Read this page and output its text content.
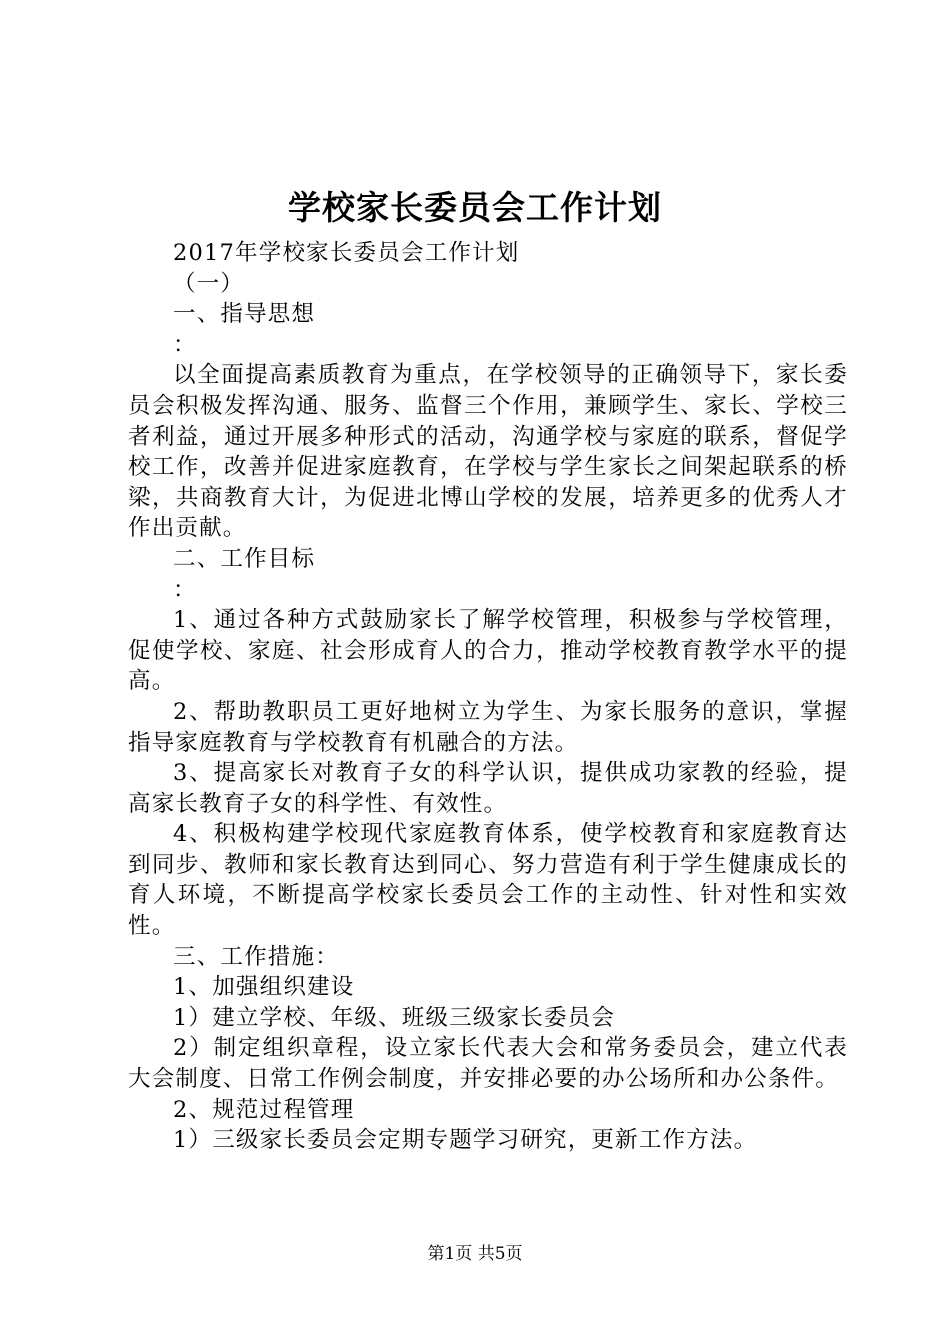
学校家长委员会工作计划

2017年学校家长委员会工作计划

（一）

一、指导思想

：

以全面提高素质教育为重点，在学校领导的正确领导下，家长委员会积极发挥沟通、服务、监督三个作用，兼顾学生、家长、学校三者利益，通过开展多种形式的活动，沟通学校与家庭的联系，督促学校工作，改善并促进家庭教育，在学校与学生家长之间架起联系的桥梁，共商教育大计，为促进北博山学校的发展，培养更多的优秀人才作出贡献。

二、工作目标

：

1、通过各种方式鼓励家长了解学校管理，积极参与学校管理，促使学校、家庭、社会形成育人的合力，推动学校教育教学水平的提高。

2、帮助教职员工更好地树立为学生、为家长服务的意识，掌握指导家庭教育与学校教育有机融合的方法。

3、提高家长对教育子女的科学认识，提供成功家教的经验，提高家长教育子女的科学性、有效性。

4、积极构建学校现代家庭教育体系，使学校教育和家庭教育达到同步、教师和家长教育达到同心、努力营造有利于学生健康成长的育人环境，不断提高学校家长委员会工作的主动性、针对性和实效性。

三、工作措施：

1、加强组织建设

1）建立学校、年级、班级三级家长委员会

2）制定组织章程，设立家长代表大会和常务委员会，建立代表大会制度、日常工作例会制度，并安排必要的办公场所和办公条件。

2、规范过程管理

1）三级家长委员会定期专题学习研究，更新工作方法。

第1页 共5页
